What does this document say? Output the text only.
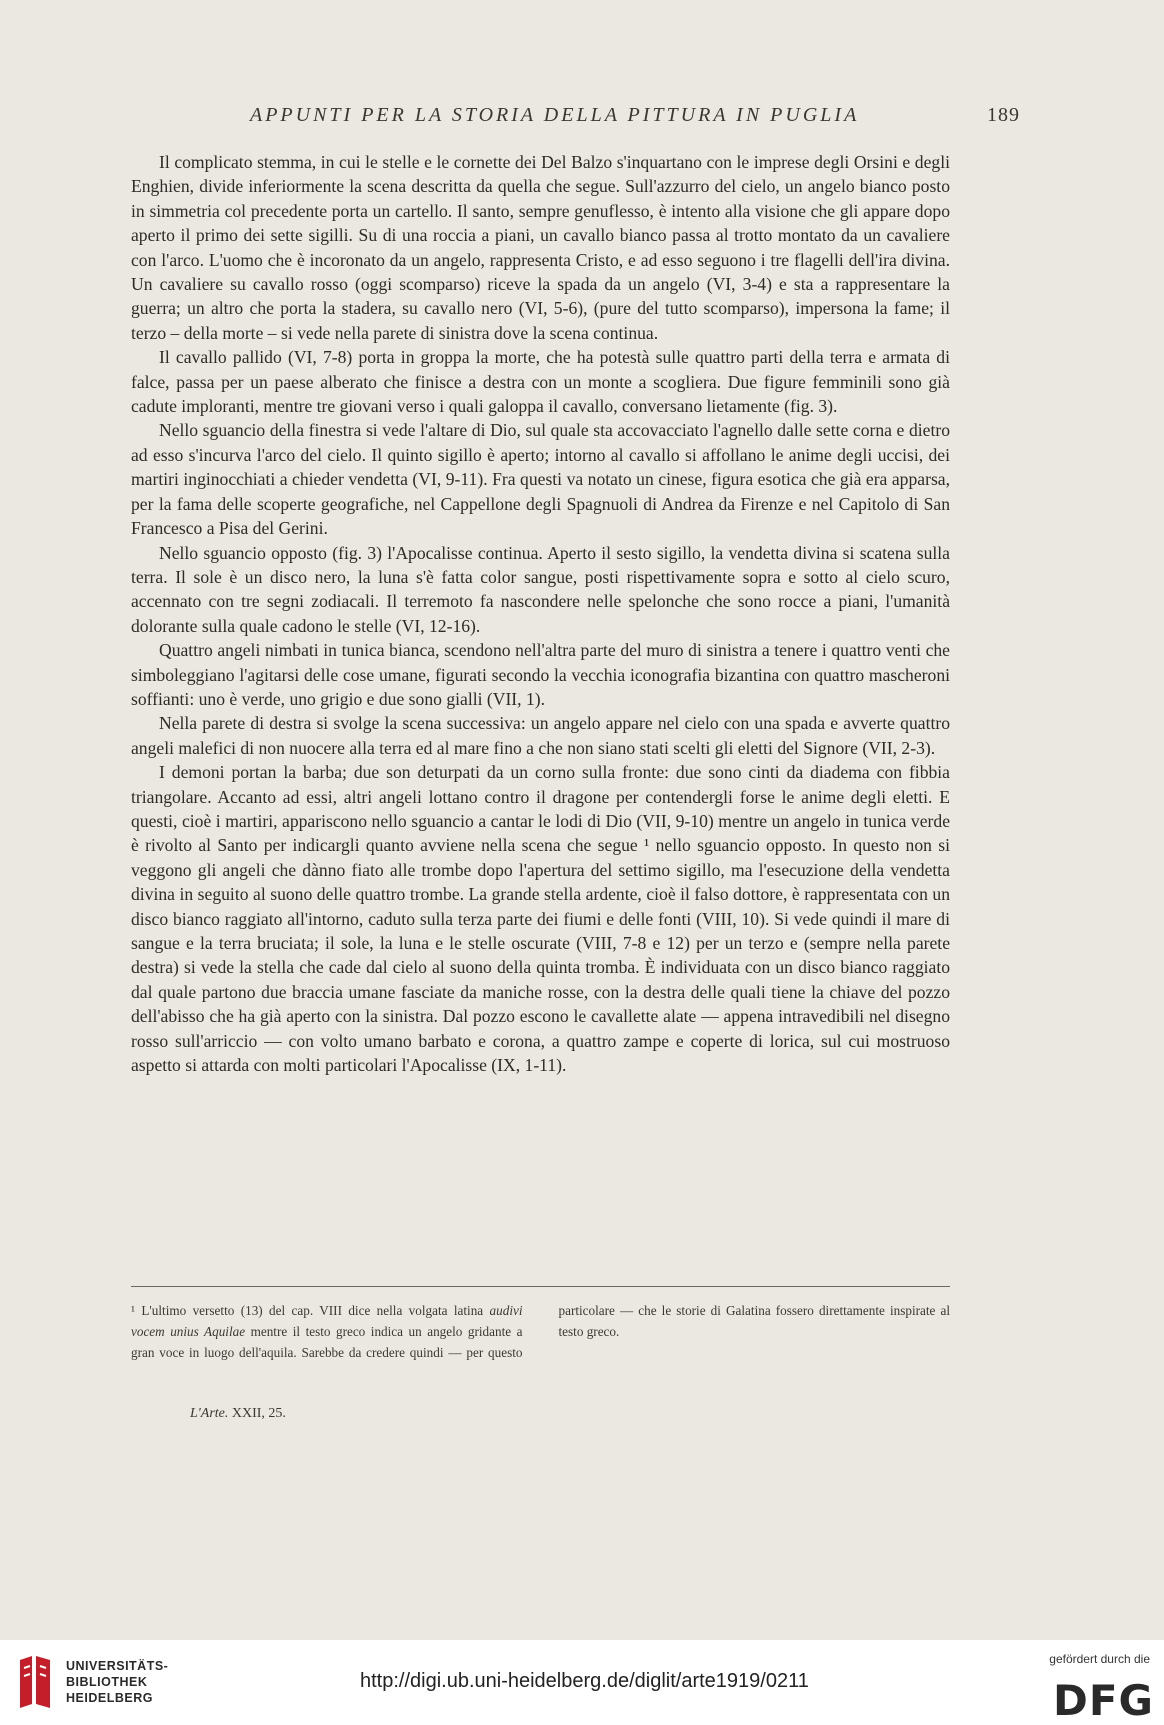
APPUNTI PER LA STORIA DELLA PITTURA IN PUGLIA	189

Il complicato stemma, in cui le stelle e le cornette dei Del Balzo s'inquartano con le imprese degli Orsini e degli Enghien, divide inferiormente la scena descritta da quella che segue. Sull'azzurro del cielo, un angelo bianco posto in simmetria col precedente porta un cartello. Il santo, sempre genuflesso, è intento alla visione che gli appare dopo aperto il primo dei sette sigilli. Su di una roccia a piani, un cavallo bianco passa al trotto montato da un cavaliere con l'arco. L'uomo che è incoronato da un angelo, rappresenta Cristo, e ad esso seguono i tre flagelli dell'ira divina. Un cavaliere su cavallo rosso (oggi scomparso) riceve la spada da un angelo (VI, 3-4) e sta a rappresentare la guerra; un altro che porta la stadera, su cavallo nero (VI, 5-6), (pure del tutto scomparso), impersona la fame; il terzo – della morte – si vede nella parete di sinistra dove la scena continua.

Il cavallo pallido (VI, 7-8) porta in groppa la morte, che ha potestà sulle quattro parti della terra e armata di falce, passa per un paese alberato che finisce a destra con un monte a scogliera. Due figure femminili sono già cadute imploranti, mentre tre giovani verso i quali galoppa il cavallo, conversano lietamente (fig. 3).

Nello sguancio della finestra si vede l'altare di Dio, sul quale sta accovacciato l'agnello dalle sette corna e dietro ad esso s'incurva l'arco del cielo. Il quinto sigillo è aperto; intorno al cavallo si affollano le anime degli uccisi, dei martiri inginocchiati a chieder vendetta (VI, 9-11). Fra questi va notato un cinese, figura esotica che già era apparsa, per la fama delle scoperte geografiche, nel Cappellone degli Spagnuoli di Andrea da Firenze e nel Capitolo di San Francesco a Pisa del Gerini.

Nello sguancio opposto (fig. 3) l'Apocalisse continua. Aperto il sesto sigillo, la vendetta divina si scatena sulla terra. Il sole è un disco nero, la luna s'è fatta color sangue, posti rispettivamente sopra e sotto al cielo scuro, accennato con tre segni zodiacali. Il terremoto fa nascondere nelle spelonche che sono rocce a piani, l'umanità dolorante sulla quale cadono le stelle (VI, 12-16).

Quattro angeli nimbati in tunica bianca, scendono nell'altra parte del muro di sinistra a tenere i quattro venti che simboleggiano l'agitarsi delle cose umane, figurati secondo la vecchia iconografia bizantina con quattro mascheroni soffianti: uno è verde, uno grigio e due sono gialli (VII, 1).

Nella parete di destra si svolge la scena successiva: un angelo appare nel cielo con una spada e avverte quattro angeli malefici di non nuocere alla terra ed al mare fino a che non siano stati scelti gli eletti del Signore (VII, 2-3).

I demoni portan la barba; due son deturpati da un corno sulla fronte: due sono cinti da diadema con fibbia triangolare. Accanto ad essi, altri angeli lottano contro il dragone per contendergli forse le anime degli eletti. E questi, cioè i martiri, appariscono nello sguancio a cantar le lodi di Dio (VII, 9-10) mentre un angelo in tunica verde è rivolto al Santo per indicargli quanto avviene nella scena che segue ¹ nello sguancio opposto. In questo non si veggono gli angeli che dànno fiato alle trombe dopo l'apertura del settimo sigillo, ma l'esecuzione della vendetta divina in seguito al suono delle quattro trombe. La grande stella ardente, cioè il falso dottore, è rappresentata con un disco bianco raggiato all'intorno, caduto sulla terza parte dei fiumi e delle fonti (VIII, 10). Si vede quindi il mare di sangue e la terra bruciata; il sole, la luna e le stelle oscurate (VIII, 7-8 e 12) per un terzo e (sempre nella parete destra) si vede la stella che cade dal cielo al suono della quinta tromba. È individuata con un disco bianco raggiato dal quale partono due braccia umane fasciate da maniche rosse, con la destra delle quali tiene la chiave del pozzo dell'abisso che ha già aperto con la sinistra. Dal pozzo escono le cavallette alate — appena intravedibili nel disegno rosso sull'arriccio — con volto umano barbato e corona, a quattro zampe e coperte di lorica, sul cui mostruoso aspetto si attarda con molti particolari l'Apocalisse (IX, 1-11).

¹ L'ultimo versetto (13) del cap. VIII dice nella volgata latina audivi vocem unius Aquilae mentre il testo greco indica un angelo gridante a gran voce in luogo dell'aquila. Sarebbe da credere quindi — per questo particolare — che le storie di Galatina fossero direttamente inspirate al testo greco.
L'Arte. XXII, 25.
UNIVERSITÄTS-
BIBLIOTHEK
HEIDELBERG
http://digi.ub.uni-heidelberg.de/diglit/arte1919/0211
gefördert durch die
DFG
